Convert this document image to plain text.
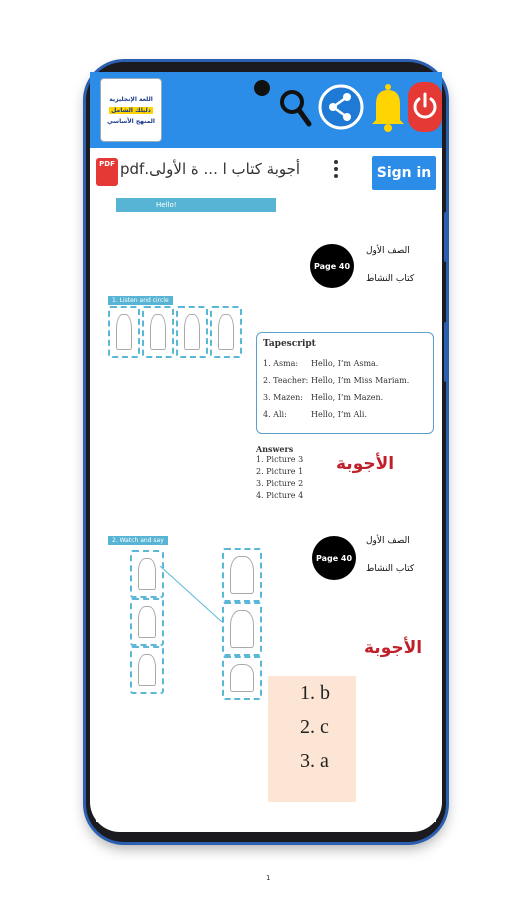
اللغة الإنجليزية
دليلك الشامل
المنهج الأساسي
PDF أجوبة كتاب ا ... ة الأولى.pdf	Sign in
Hello!
Page 40
الصف الأول
كتاب النشاط
1. Listen and circle
Tapescript
1. Asma: Hello, I’m Asma.
2. Teacher: Hello, I’m Miss Mariam.
3. Mazen: Hello, I’m Mazen.
4. Ali:	Hello, I’m Ali.
Answers
1. Picture 3
2. Picture 1
3. Picture 2
4. Picture 4
الأجوبة
2. Watch and say
Page 40
الصف الأول
كتاب النشاط
الأجوبة
1. b
2. c
3. a
1
